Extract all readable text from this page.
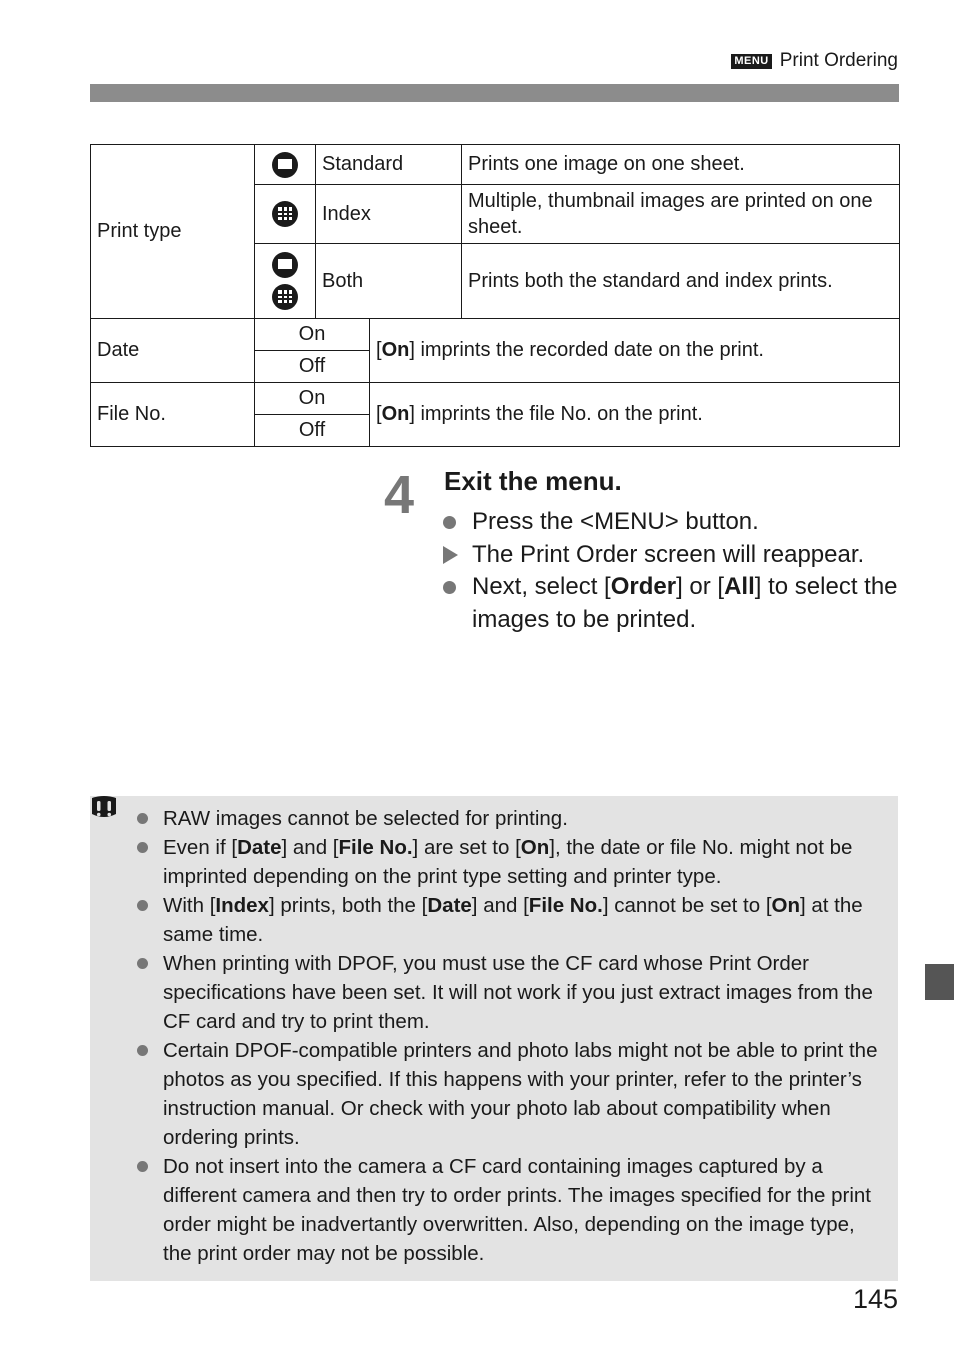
MENU Print Ordering
Print type		Standard		Prints one image on one sheet.
		Index		Multiple, thumbnail images are printed on one sheet.

		Both		Prints both the standard and index prints.
Date	On		[On] imprints the recorded date on the print.	
	Off			
File No.	On		[On] imprints the file No. on the print.	
	Off			
4 Exit the menu.
Press the <MENU> button.
The Print Order screen will reappear.
Next, select [Order] or [All] to select the images to be printed.
RAW images cannot be selected for printing.
Even if [Date] and [File No.] are set to [On], the date or file No. might not be imprinted depending on the print type setting and printer type.
With [Index] prints, both the [Date] and [File No.] cannot be set to [On] at the same time.
When printing with DPOF, you must use the CF card whose Print Order specifications have been set. It will not work if you just extract images from the CF card and try to print them.
Certain DPOF-compatible printers and photo labs might not be able to print the photos as you specified. If this happens with your printer, refer to the printer’s instruction manual. Or check with your photo lab about compatibility when ordering prints.
Do not insert into the camera a CF card containing images captured by a different camera and then try to order prints. The images specified for the print order might be inadvertantly overwritten. Also, depending on the image type, the print order may not be possible.
145
